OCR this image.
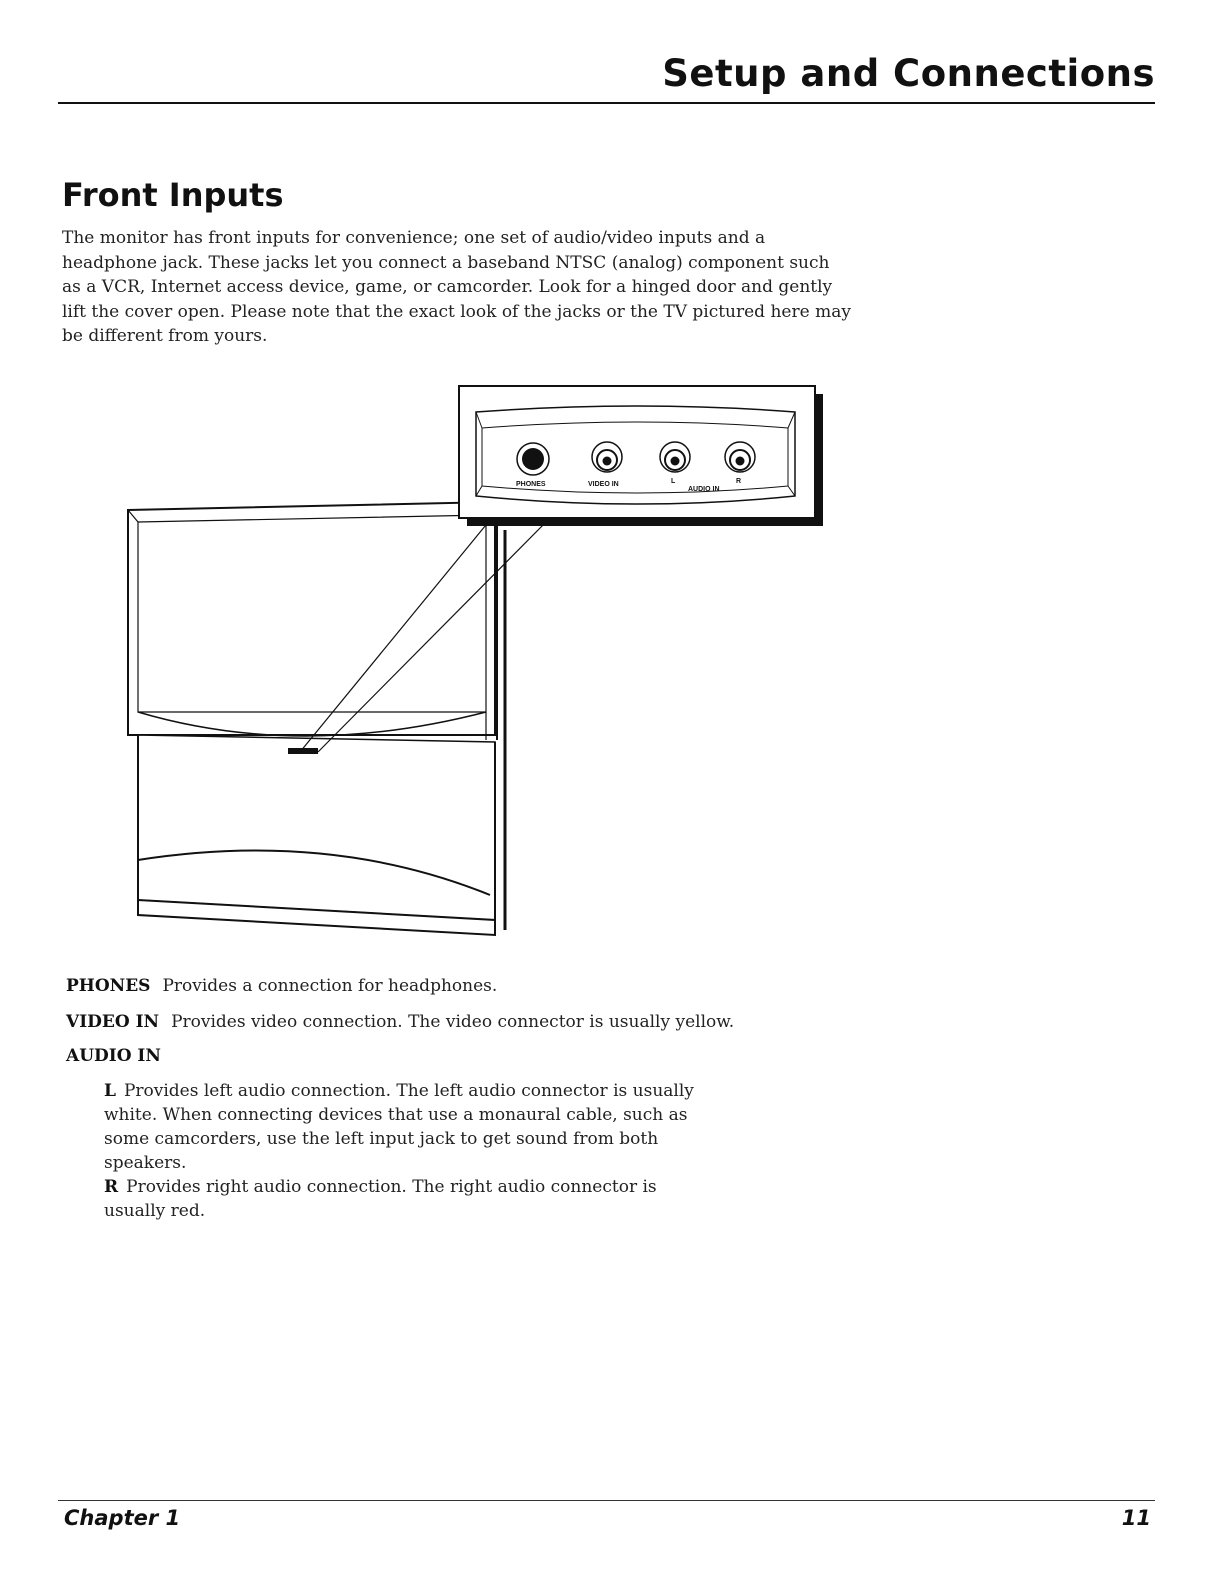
Setup and Connections
Front Inputs

The monitor has front inputs for convenience; one set of audio/video inputs and a headphone jack. These jacks let you connect a baseband NTSC (analog) component such as a VCR, Internet access device, game, or camcorder. Look for a hinged door and gently lift the cover open. Please note that the exact look of the jacks or the TV pictured here may be different from yours.

PHONES	VIDEO IN	L
AUDIO IN
R
PHONES Provides a connection for headphones.
VIDEO IN Provides video connection. The video connector is usually yellow.
AUDIO IN
L Provides left audio connection. The left audio connector is usually white. When connecting devices that use a monaural cable, such as some camcorders, use the left input jack to get sound from both speakers.
R Provides right audio connection. The right audio connector is usually red.
Chapter 1	11
